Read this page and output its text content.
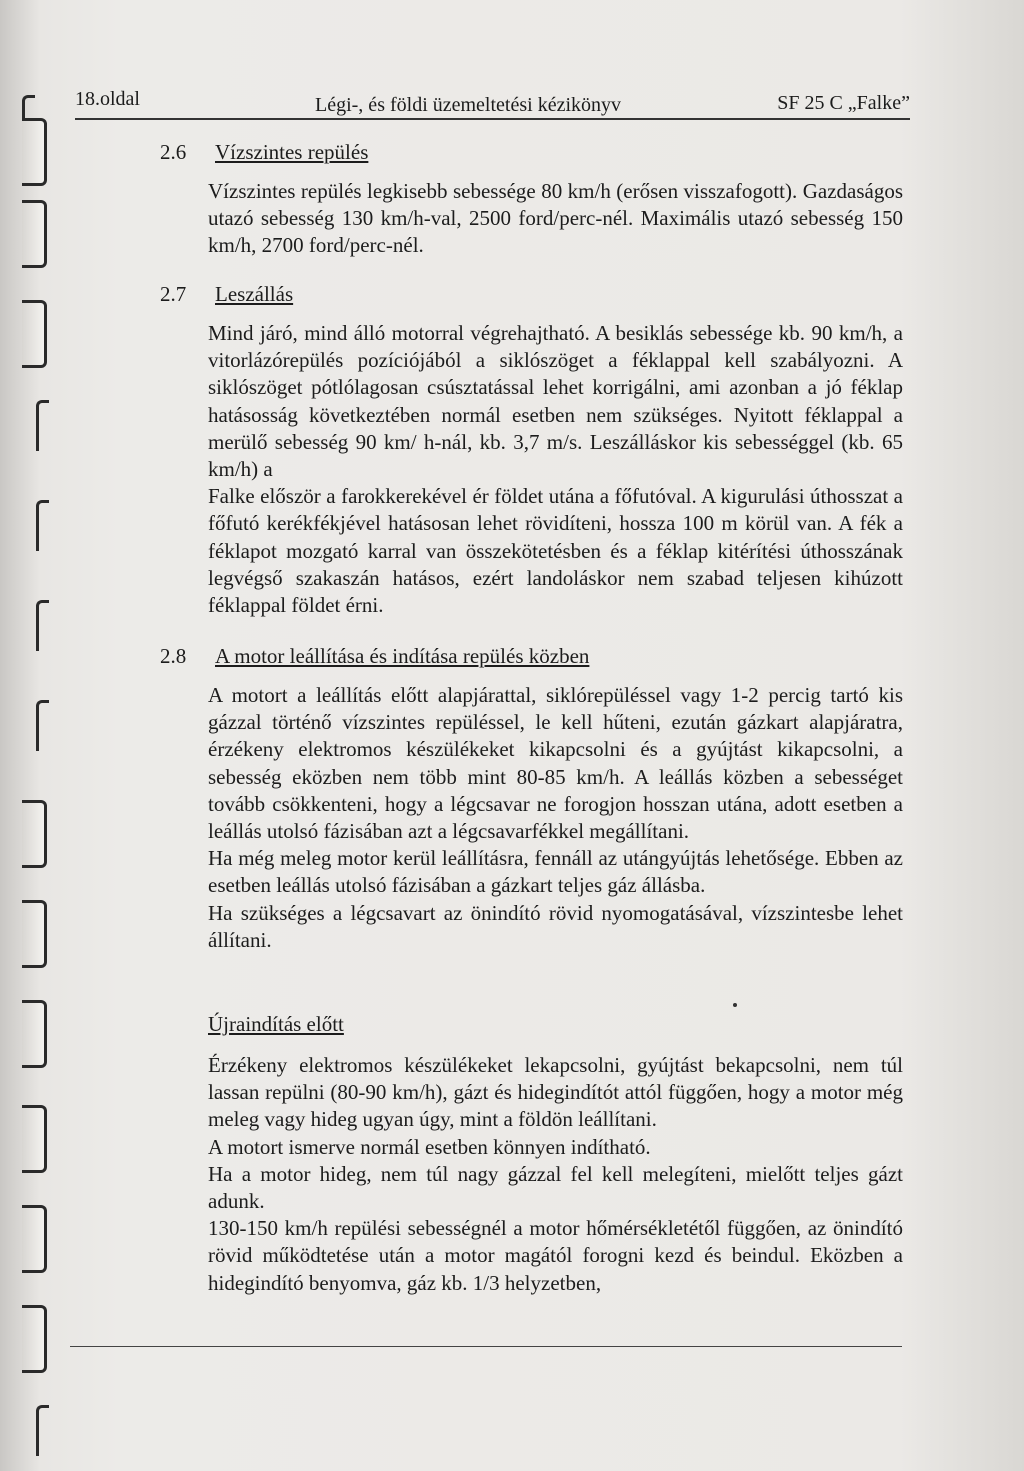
18.oldal	Légi-, és földi üzemeltetési kézikönyv	SF 25 C „Falke”
2.6 Vízszintes repülés

Vízszintes repülés legkisebb sebessége 80 km/h (erősen visszafogott). Gazdaságos utazó sebesség 130 km/h-val, 2500 ford/perc-nél. Maximális utazó sebesség 150 km/h, 2700 ford/perc-nél.

2.7 Leszállás

Mind járó, mind álló motorral végrehajtható. A besiklás sebessége kb. 90 km/h, a vitorlázórepülés pozíciójából a siklószöget a féklappal kell szabályozni. A siklószöget pótlólagosan csúsztatással lehet korrigálni, ami azonban a jó féklap hatásosság következtében normál esetben nem szükséges. Nyitott féklappal a merülő sebesség 90 km/ h-nál, kb. 3,7 m/s. Leszálláskor kis sebességgel (kb. 65 km/h) a

Falke először a farokkerekével ér földet utána a főfutóval. A kigurulási úthosszat a főfutó kerékfékjével hatásosan lehet rövidíteni, hossza 100 m körül van. A fék a féklapot mozgató karral van összekötetésben és a féklap kitérítési úthosszának legvégső szakaszán hatásos, ezért landoláskor nem szabad teljesen kihúzott féklappal földet érni.

2.8 A motor leállítása és indítása repülés közben

A motort a leállítás előtt alapjárattal, siklórepüléssel vagy 1-2 percig tartó kis gázzal történő vízszintes repüléssel, le kell hűteni, ezután gázkart alapjáratra, érzékeny elektromos készülékeket kikapcsolni és a gyújtást kikapcsolni, a sebesség eközben nem több mint 80-85 km/h. A leállás közben a sebességet tovább csökkenteni, hogy a légcsavar ne forogjon hosszan utána, adott esetben a leállás utolsó fázisában azt a légcsavarfékkel megállítani.

Ha még meleg motor kerül leállításra, fennáll az utángyújtás lehetősége. Ebben az esetben leállás utolsó fázisában a gázkart teljes gáz állásba.

Ha szükséges a légcsavart az önindító rövid nyomogatásával, vízszintesbe lehet állítani.

Újraindítás előtt

Érzékeny elektromos készülékeket lekapcsolni, gyújtást bekapcsolni, nem túl lassan repülni (80-90 km/h), gázt és hidegindítót attól függően, hogy a motor még meleg vagy hideg ugyan úgy, mint a földön leállítani.

A motort ismerve normál esetben könnyen indítható.

Ha a motor hideg, nem túl nagy gázzal fel kell melegíteni, mielőtt teljes gázt adunk.

130-150 km/h repülési sebességnél a motor hőmérsékletétől függően, az önindító rövid működtetése után a motor magától forogni kezd és beindul. Eközben a hidegindító benyomva, gáz kb. 1/3 helyzetben,
